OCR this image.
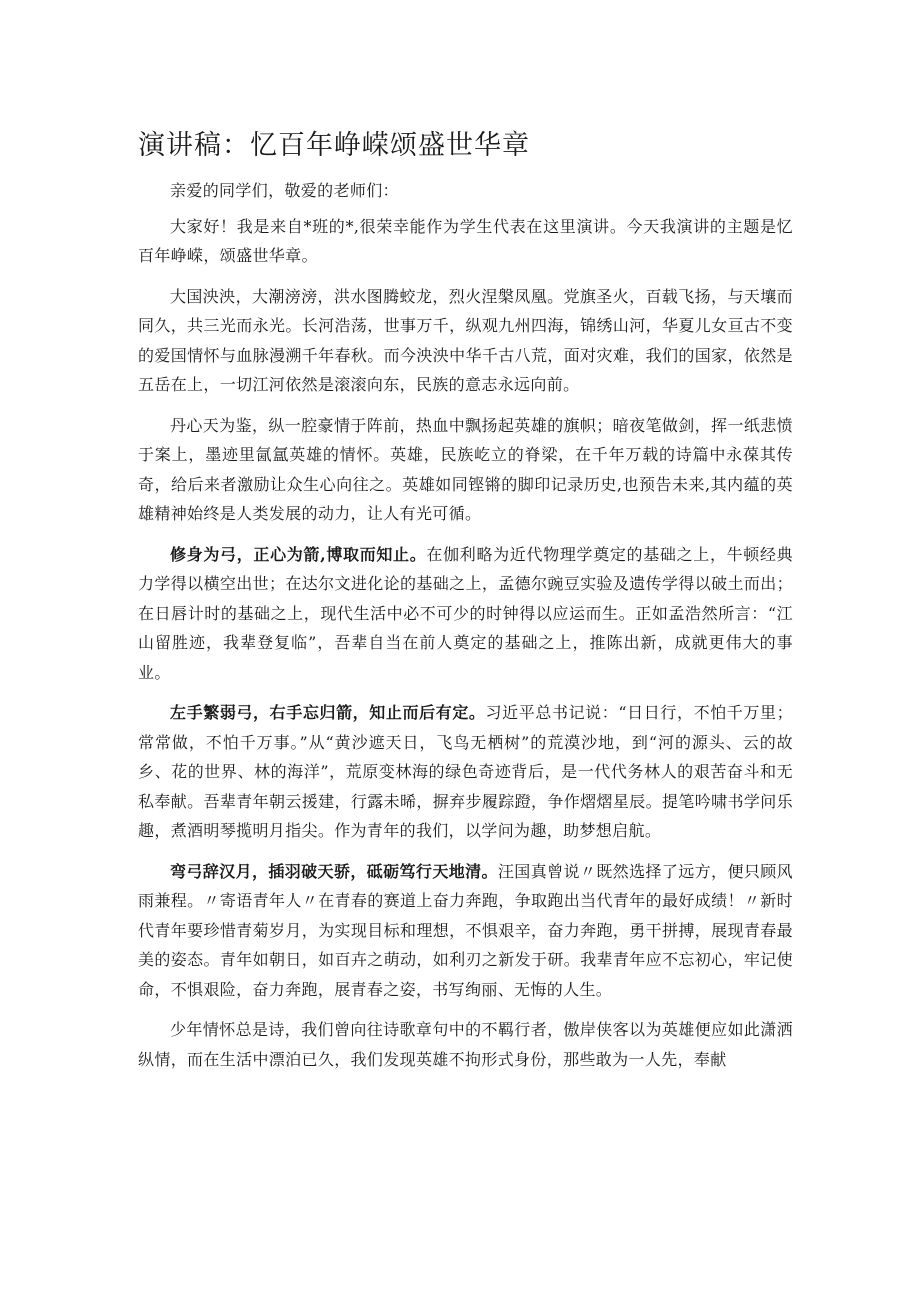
演讲稿：忆百年峥嵘颂盛世华章

亲爱的同学们，敬爱的老师们：

大家好！我是来自*班的*,很荣幸能作为学生代表在这里演讲。今天我演讲的主题是忆百年峥嵘，颂盛世华章。

大国泱泱，大潮滂滂，洪水图腾蛟龙，烈火涅槃凤凰。党旗圣火，百载飞扬，与天壤而同久，共三光而永光。长河浩荡，世事万千，纵观九州四海，锦绣山河，华夏儿女亘古不变的爱国情怀与血脉漫溯千年春秋。而今泱泱中华千古八荒，面对灾难，我们的国家，依然是五岳在上，一切江河依然是滚滚向东，民族的意志永远向前。

丹心天为鉴，纵一腔豪情于阵前，热血中飘扬起英雄的旗帜；暗夜笔做剑，挥一纸悲愤于案上，墨迹里氤氲英雄的情怀。英雄，民族屹立的脊梁，在千年万载的诗篇中永葆其传奇，给后来者激励让众生心向往之。英雄如同铿锵的脚印记录历史,也预告未来,其内蕴的英雄精神始终是人类发展的动力，让人有光可循。

修身为弓，正心为箭,博取而知止。在伽利略为近代物理学奠定的基础之上，牛顿经典力学得以横空出世；在达尔文进化论的基础之上，孟德尔豌豆实验及遗传学得以破土而出；在日唇计时的基础之上，现代生活中必不可少的时钟得以应运而生。正如孟浩然所言：“江山留胜迹，我辈登复临”，吾辈自当在前人奠定的基础之上，推陈出新，成就更伟大的事业。

左手繁弱弓，右手忘归箭，知止而后有定。习近平总书记说：“日日行，不怕千万里；常常做，不怕千万事。”从“黄沙遮天日，飞鸟无栖树”的荒漠沙地，到“河的源头、云的故乡、花的世界、林的海洋”，荒原变林海的绿色奇迹背后，是一代代务林人的艰苦奋斗和无私奉献。吾辈青年朝云援建，行露未晞，摒弃步履踪蹬，争作熠熠星辰。提笔吟啸书学问乐趣，煮酒明琴揽明月指尖。作为青年的我们，以学问为趣，助梦想启航。

弯弓辞汉月，插羽破天骄，砥砺笃行天地清。汪国真曾说〃既然选择了远方，便只顾风雨兼程。〃寄语青年人〃在青春的赛道上奋力奔跑，争取跑出当代青年的最好成绩！〃新时代青年要珍惜青菊岁月，为实现目标和理想，不惧艰辛，奋力奔跑，勇干拼搏，展现青春最美的姿态。青年如朝日，如百卉之萌动，如利刃之新发于研。我辈青年应不忘初心，牢记使命，不惧艰险，奋力奔跑，展青春之姿，书写绚丽、无悔的人生。

少年情怀总是诗，我们曾向往诗歌章句中的不羁行者，傲岸侠客以为英雄便应如此潇洒纵情，而在生活中漂泊已久，我们发现英雄不拘形式身份，那些敢为一人先，奉献
